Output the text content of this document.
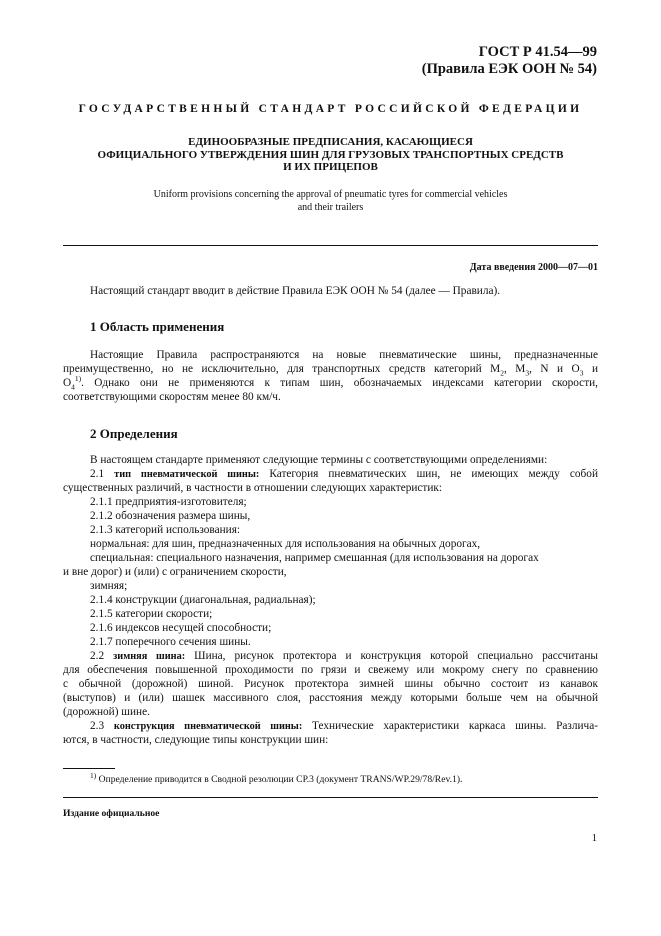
ГОСТ Р 41.54—99
(Правила ЕЭК ООН № 54)
ГОСУДАРСТВЕННЫЙ СТАНДАРТ РОССИЙСКОЙ ФЕДЕРАЦИИ
ЕДИНООБРАЗНЫЕ ПРЕДПИСАНИЯ, КАСАЮЩИЕСЯ
ОФИЦИАЛЬНОГО УТВЕРЖДЕНИЯ ШИН ДЛЯ ГРУЗОВЫХ ТРАНСПОРТНЫХ СРЕДСТВ
И ИХ ПРИЦЕПОВ
Uniform provisions concerning the approval of pneumatic tyres for commercial vehicles
and their trailers
Дата введения 2000—07—01
Настоящий стандарт вводит в действие Правила ЕЭК ООН № 54 (далее — Правила).
1 Область применения
Настоящие Правила распространяются на новые пневматические шины, предназначенные
преимущественно, но не исключительно, для транспортных средств категорий $M_2$, $M_3$, N и $O_3$ и
$O_4^{1)}$. Однако они не применяются к типам шин, обозначаемых индексами категории скорости,
соответствующими скоростям менее 80 км/ч.
2 Определения
В настоящем стандарте применяют следующие термины с соответствующими определениями:
2.1 тип пневматической шины: Категория пневматических шин, не имеющих между собой
существенных различий, в частности в отношении следующих характеристик:
2.1.1 предприятия-изготовителя;
2.1.2 обозначения размера шины,
2.1.3 категорий использования:
нормальная: для шин, предназначенных для использования на обычных дорогах,
специальная: специального назначения, например смешанная (для использования на дорогах
и вне дорог) и (или) с ограничением скорости,
зимняя;
2.1.4 конструкции (диагональная, радиальная);
2.1.5 категории скорости;
2.1.6 индексов несущей способности;
2.1.7 поперечного сечения шины.
2.2 зимняя шина: Шина, рисунок протектора и конструкция которой специально рассчитаны
для обеспечения повышенной проходимости по грязи и свежему или мокрому снегу по сравнению
с обычной (дорожной) шиной. Рисунок протектора зимней шины обычно состоит из канавок
(выступов) и (или) шашек массивного слоя, расстояния между которыми больше чем на обычной
(дорожной) шине.
2.3 конструкция пневматической шины: Технические характеристики каркаса шины. Различа-
ются, в частности, следующие типы конструкции шин:
$^{1)}$ Определение приводится в Сводной резолюции СР.3 (документ TRANS/WP.29/78/Rev.1).
Издание официальное
1
